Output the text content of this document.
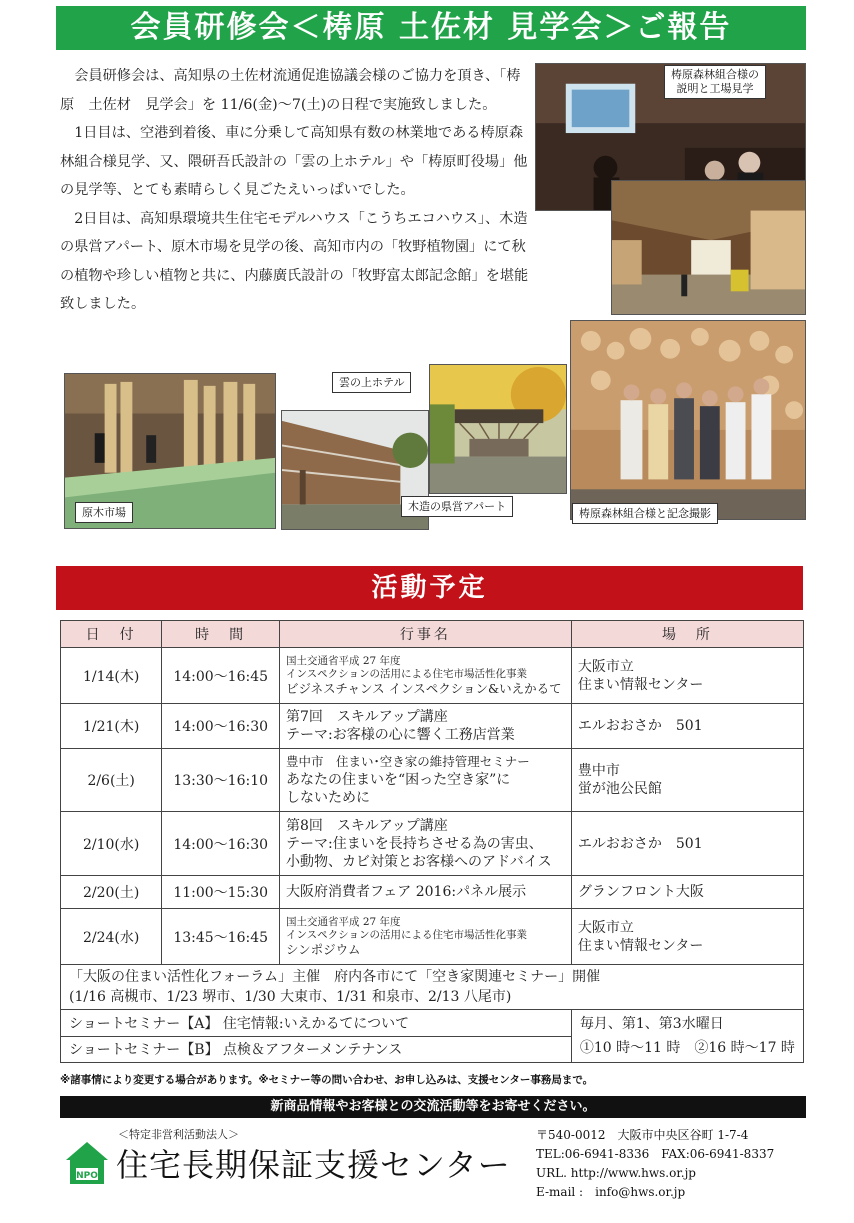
会員研修会＜梼原 土佐材 見学会＞ご報告

会員研修会は、高知県の土佐材流通促進協議会様のご協力を頂き、「梼原　土佐材　見学会」を 11/6(金)～7(土)の日程で実施致しました。

1日目は、空港到着後、車に分乗して高知県有数の林業地である梼原森林組合様見学、又、隈研吾氏設計の「雲の上ホテル」や「梼原町役場」他の見学等、とても素晴らしく見ごたえいっぱいでした。

2日目は、高知県環境共生住宅モデルハウス「こうちエコハウス」、木造の県営アパート、原木市場を見学の後、高知市内の「牧野植物園」にて秋の植物や珍しい植物と共に、内藤廣氏設計の「牧野富太郎記念館」を堪能致しました。

梼原森林組合様の
説明と工場見学
梼原森林組合様と記念撮影
原木市場	木造の県営アパート
雲の上ホテル
活動予定
日　付	時　間	行事名	場　所
1/14(木)	14:00～16:45	国土交通省平成 27 年度
インスペクションの活用による住宅市場活性化事業
ビジネスチャンス インスペクション&いえかるて	大阪市立
住まい情報センター

1/21(木)	14:00～16:30	第7回　スキルアップ講座
テーマ:お客様の心に響く工務店営業	エルおおさか　501

2/6(土)	13:30～16:10	豊中市　住まい･空き家の維持管理セミナー
あなたの住まいを“困った空き家”に
しないために	豊中市
蛍が池公民館

2/10(水)	14:00～16:30	第8回　スキルアップ講座
テーマ:住まいを長持ちさせる為の害虫、
小動物、カビ対策とお客様へのアドバイス	エルおおさか　501

2/20(土)	11:00～15:30	大阪府消費者フェア 2016:パネル展示	グランフロント大阪

2/24(水)	13:45～16:45	国土交通省平成 27 年度
インスペクションの活用による住宅市場活性化事業
シンポジウム	大阪市立
住まい情報センター

「大阪の住まい活性化フォーラム」主催　府内各市にて「空き家関連セミナー」開催
(1/16 高槻市、1/23 堺市、1/30 大東市、1/31 和泉市、2/13 八尾市)			

ショートセミナー【A】 住宅情報:いえかるてについて			毎月、第1、第3水曜日
①10 時～11 時　②16 時～17 時

ショートセミナー【B】 点検＆アフターメンテナンス			
※諸事情により変更する場合があります。※セミナー等の問い合わせ、お申し込みは、支援センター事務局まで。
新商品情報やお客様との交流活動等をお寄せください。
＜特定非営利活動法人＞
NPO 住宅長期保証支援センター
〒540-0012　大阪市中央区谷町 1-7-4
TEL:06-6941-8336　FAX:06-6941-8337
URL. http://www.hws.or.jp
E-mail :　info@hws.or.jp
